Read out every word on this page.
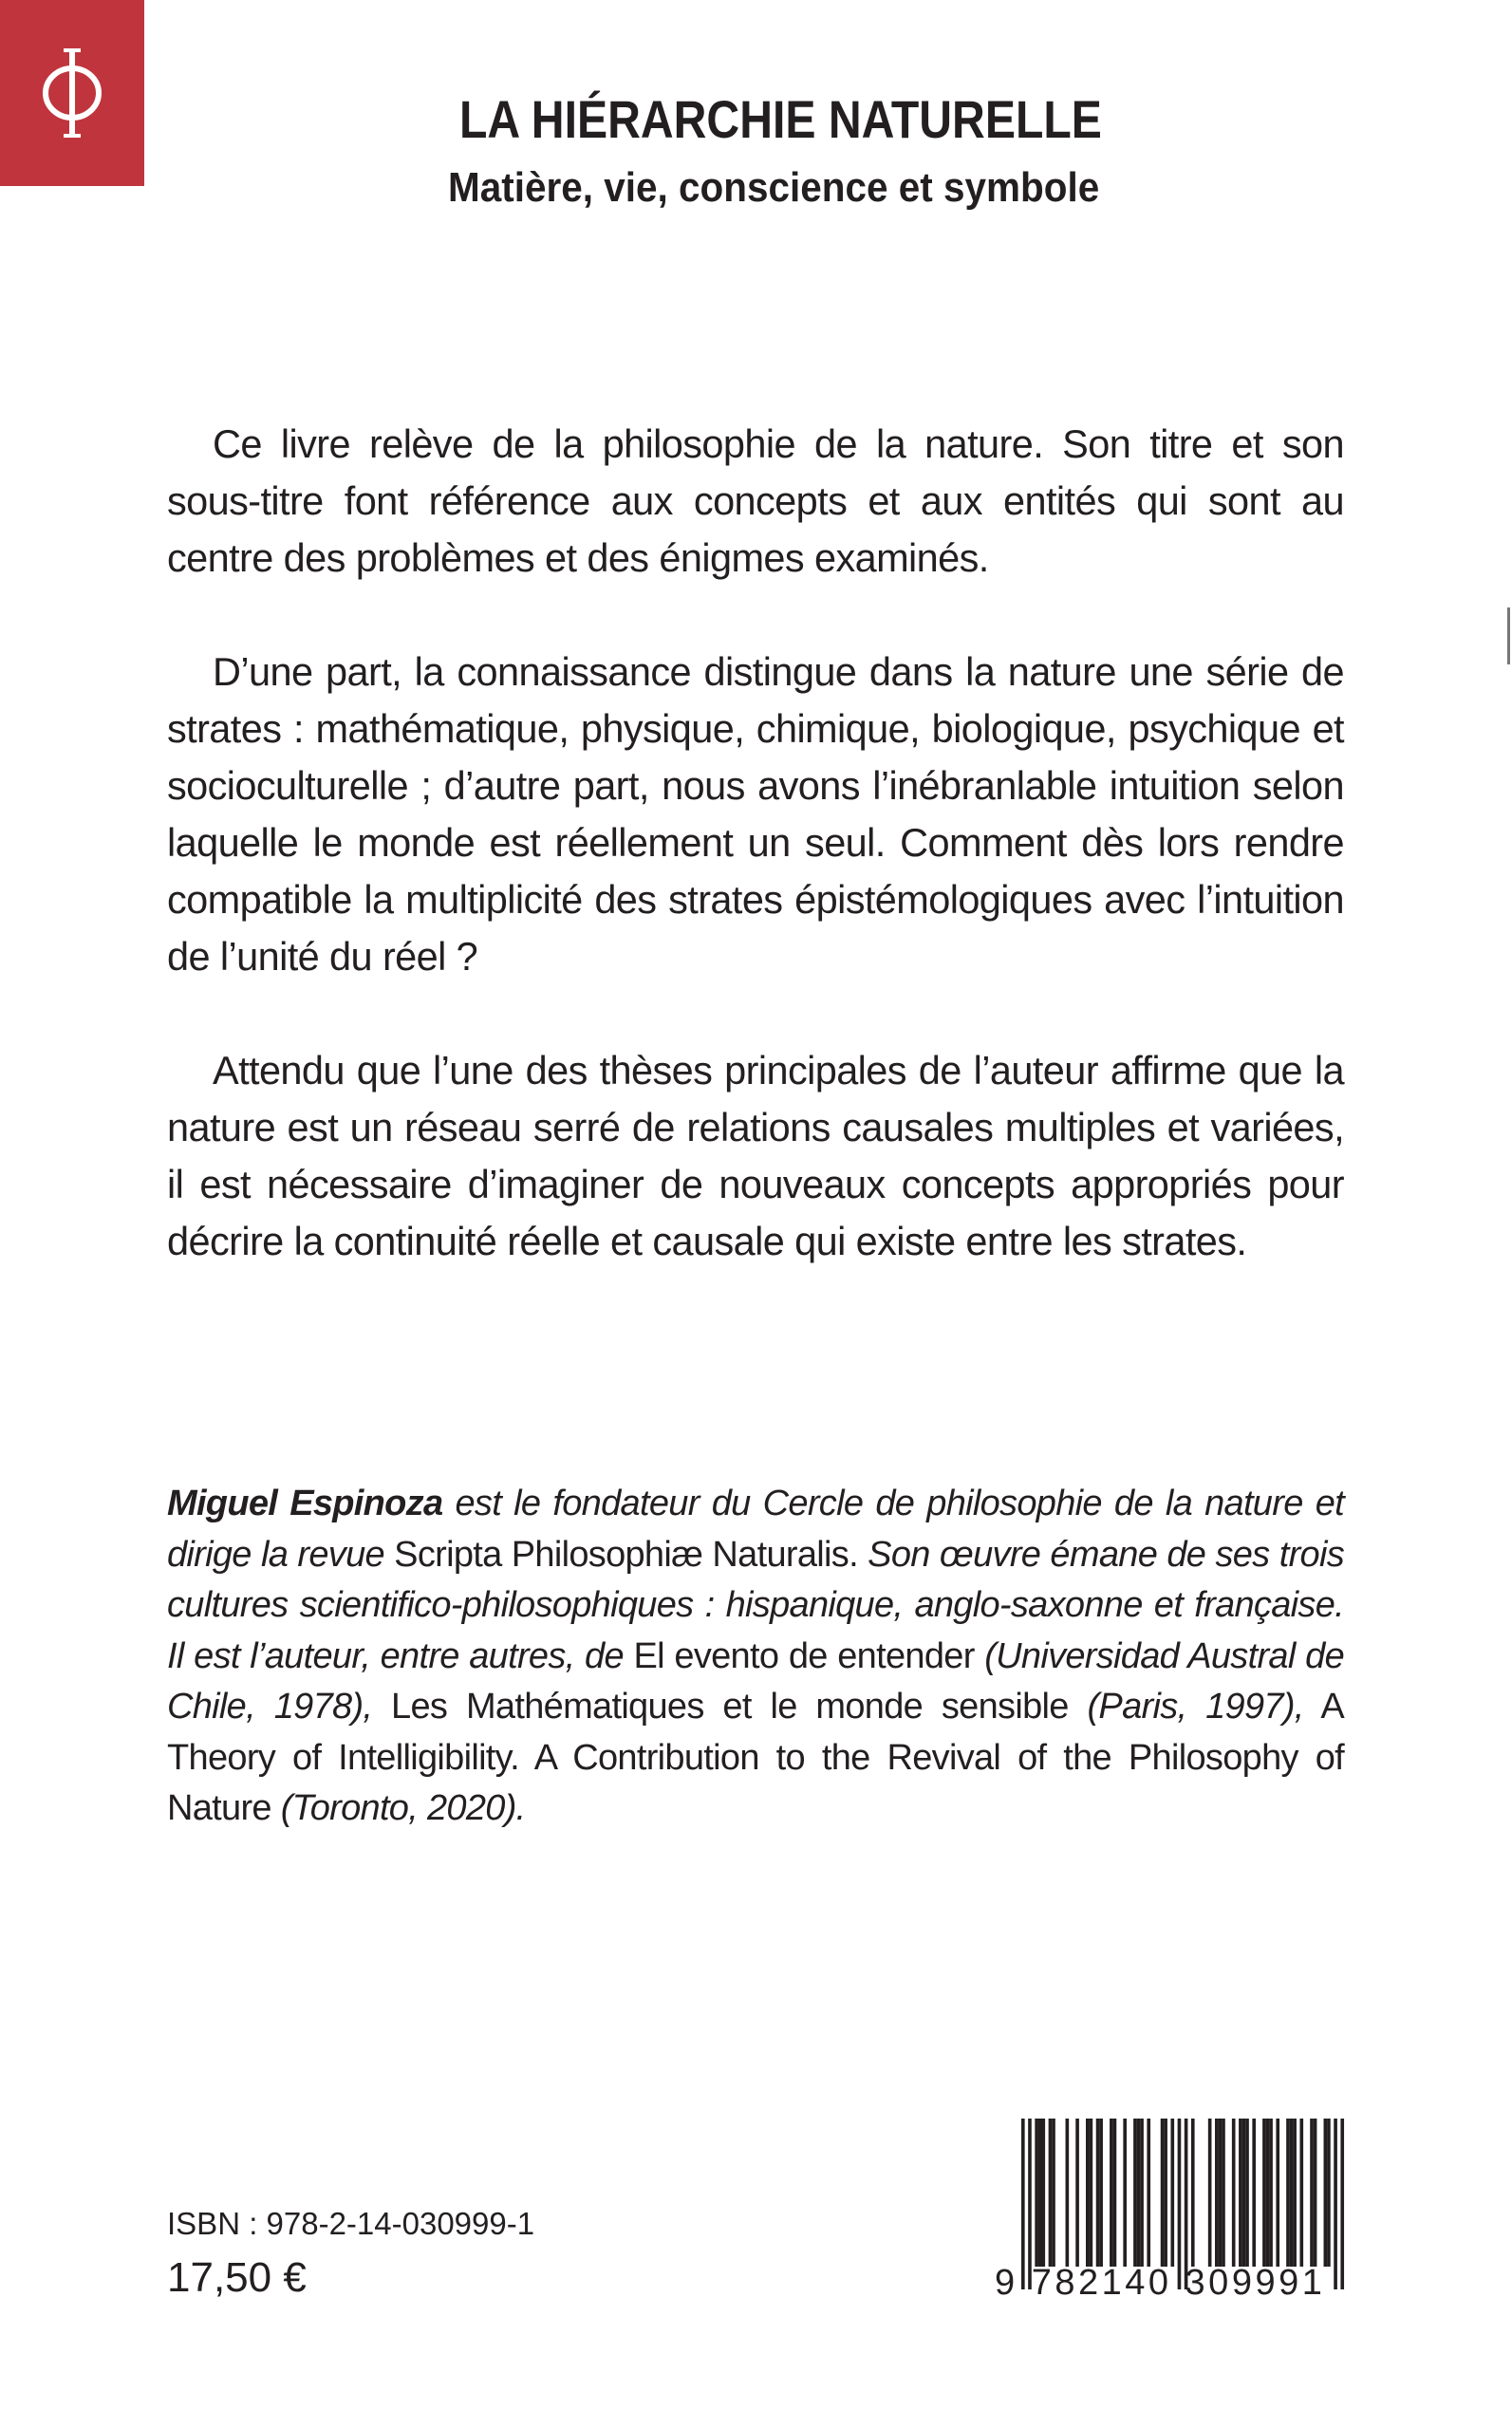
LA HIÉRARCHIE NATURELLE
Matière, vie, conscience et symbole

Ce livre relève de la philosophie de la nature. Son titre et son sous-titre font référence aux concepts et aux entités qui sont au centre des problèmes et des énigmes examinés.

D’une part, la connaissance distingue dans la nature une série de strates : mathématique, physique, chimique, biologique, psychique et socioculturelle ; d’autre part, nous avons l’inébranlable intuition selon laquelle le monde est réellement un seul. Comment dès lors rendre compatible la multiplicité des strates épistémologiques avec l’intuition de l’unité du réel ?

Attendu que l’une des thèses principales de l’auteur affirme que la nature est un réseau serré de relations causales multiples et variées, il est nécessaire d’imaginer de nouveaux concepts appropriés pour décrire la continuité réelle et causale qui existe entre les strates.

Miguel Espinoza est le fondateur du Cercle de philosophie de la nature et dirige la revue Scripta Philosophiæ Naturalis. Son œuvre émane de ses trois cultures scientifico-philosophiques : hispanique, anglo-saxonne et française. Il est l’auteur, entre autres, de El evento de entender (Universidad Austral de Chile, 1978), Les Mathématiques et le monde sensible (Paris, 1997), A Theory of Intelligibility. A Contribution to the Revival of the Philosophy of Nature (Toronto, 2020).

ISBN : 978-2-14-030999-1

17,50 €	9 782140 309991
